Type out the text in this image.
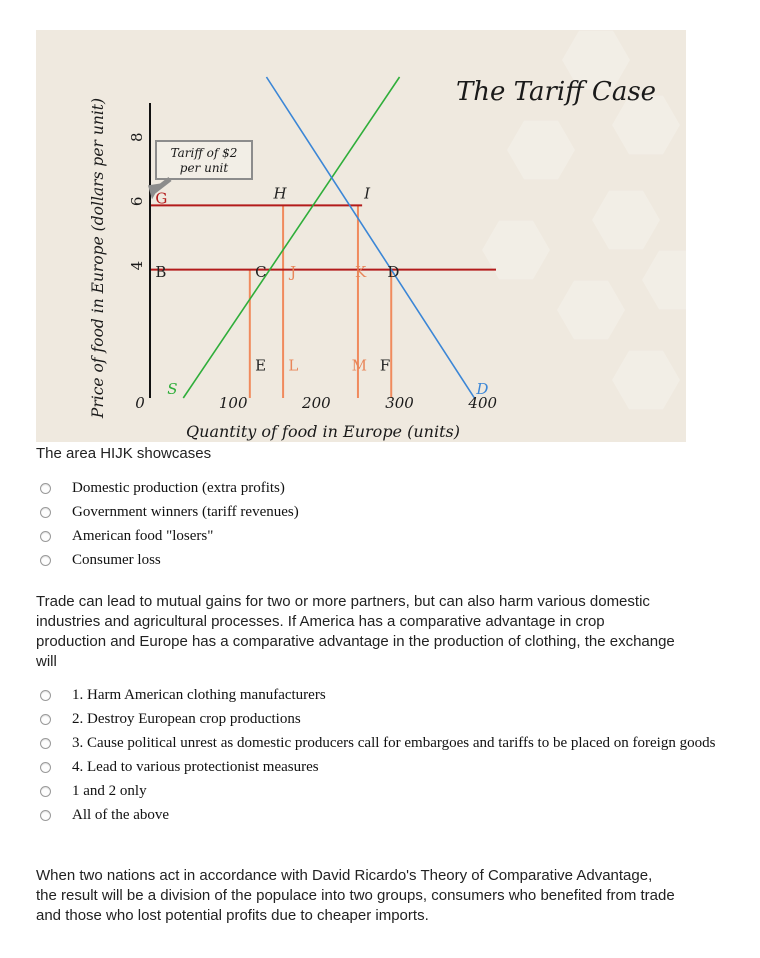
The Tariff Case
Price of food in Europe (dollars per unit)
Quantity of food in Europe (units)
S	D
4
6
8
0	100	200	300	400
G
B
H	I
C J	K D
E L	M F
Tariff of $2
per unit
The area HIJK showcases
Domestic production (extra profits)
Government winners (tariff revenues)
American food "losers"
Consumer loss
Trade can lead to mutual gains for two or more partners, but can also harm various domestic industries and agricultural processes. If America has a comparative advantage in crop production and Europe has a comparative advantage in the production of clothing, the exchange will
1. Harm American clothing manufacturers
2. Destroy European crop productions
3. Cause political unrest as domestic producers call for embargoes and tariffs to be placed on foreign goods
4. Lead to various protectionist measures
1 and 2 only
All of the above
When two nations act in accordance with David Ricardo's Theory of Comparative Advantage, the result will be a division of the populace into two groups, consumers who benefited from trade and those who lost potential profits due to cheaper imports.
